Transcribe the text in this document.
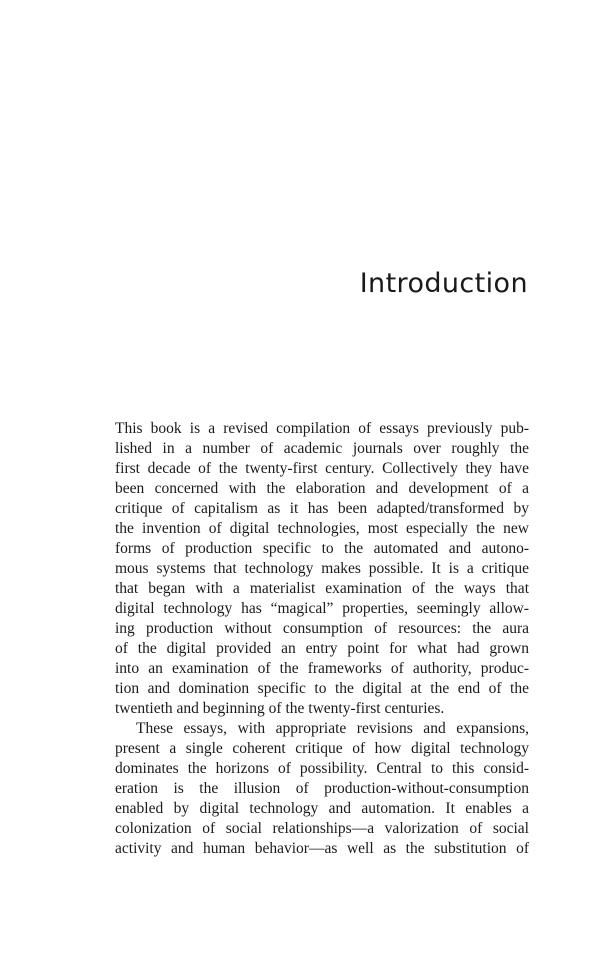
Introduction

This book is a revised compilation of essays previously pub-
lished in a number of academic journals over roughly the
first decade of the twenty-first century. Collectively they have
been concerned with the elaboration and development of a
critique of capitalism as it has been adapted/transformed by
the invention of digital technologies, most especially the new
forms of production specific to the automated and autono-
mous systems that technology makes possible. It is a critique
that began with a materialist examination of the ways that
digital technology has “magical” properties, seemingly allow-
ing production without consumption of resources: the aura
of the digital provided an entry point for what had grown
into an examination of the frameworks of authority, produc-
tion and domination specific to the digital at the end of the
twentieth and beginning of the twenty-first centuries.

These essays, with appropriate revisions and expansions,
present a single coherent critique of how digital technology
dominates the horizons of possibility. Central to this consid-
eration is the illusion of production-without-consumption
enabled by digital technology and automation. It enables a
colonization of social relationships—a valorization of social
activity and human behavior—as well as the substitution of
